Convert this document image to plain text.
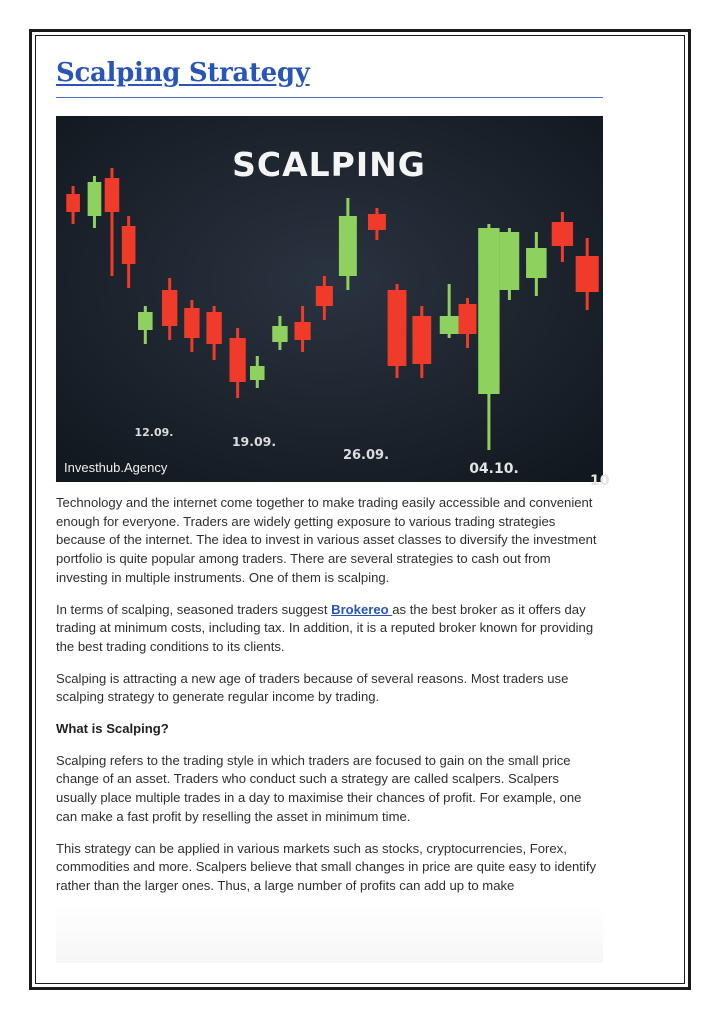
Scalping Strategy
SCALPING
12.09.
19.09.
26.09.
04.10.
10
Investhub.Agency

Technology and the internet come together to make trading easily accessible and convenient enough for everyone. Traders are widely getting exposure to various trading strategies because of the internet. The idea to invest in various asset classes to diversify the investment portfolio is quite popular among traders. There are several strategies to cash out from investing in multiple instruments. One of them is scalping.

In terms of scalping, seasoned traders suggest Brokereo as the best broker as it offers day trading at minimum costs, including tax. In addition, it is a reputed broker known for providing the best trading conditions to its clients.

Scalping is attracting a new age of traders because of several reasons. Most traders use scalping strategy to generate regular income by trading.

What is Scalping?

Scalping refers to the trading style in which traders are focused to gain on the small price change of an asset. Traders who conduct such a strategy are called scalpers. Scalpers usually place multiple trades in a day to maximise their chances of profit. For example, one can make a fast profit by reselling the asset in minimum time.

This strategy can be applied in various markets such as stocks, cryptocurrencies, Forex, commodities and more. Scalpers believe that small changes in price are quite easy to identify rather than the larger ones. Thus, a large number of profits can add up to make
